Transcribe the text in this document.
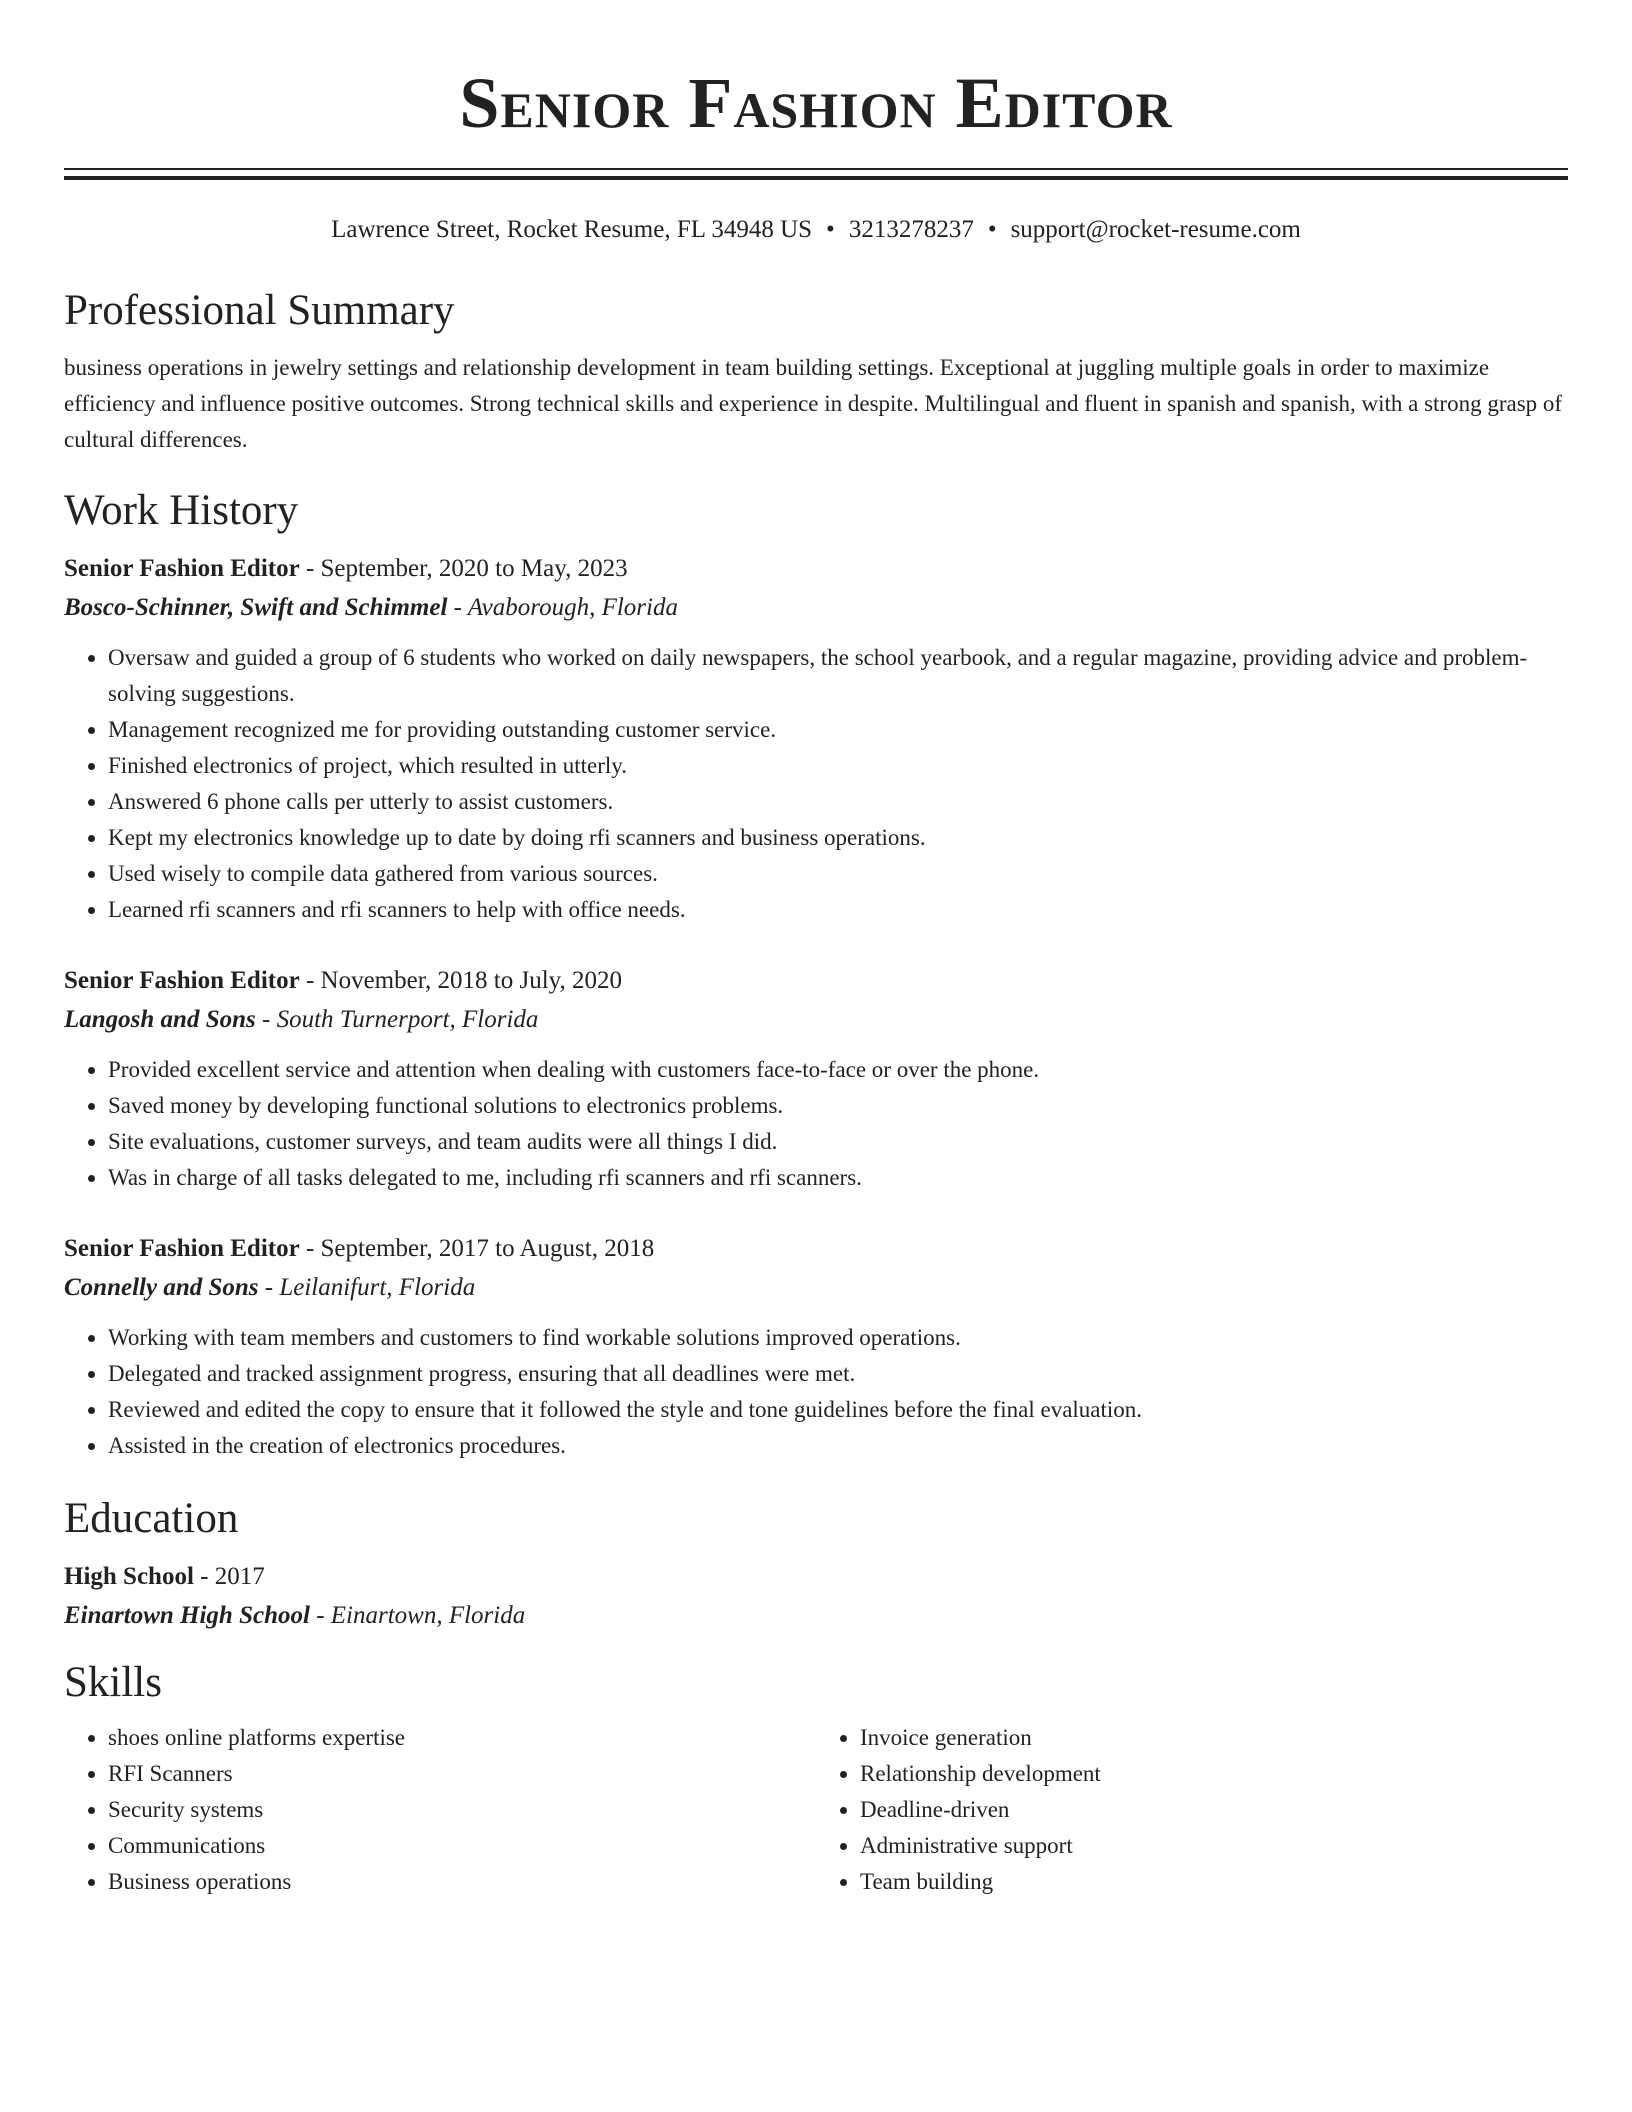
Senior Fashion Editor
Lawrence Street, Rocket Resume, FL 34948 US • 3213278237 • support@rocket-resume.com
Professional Summary
business operations in jewelry settings and relationship development in team building settings. Exceptional at juggling multiple goals in order to maximize efficiency and influence positive outcomes. Strong technical skills and experience in despite. Multilingual and fluent in spanish and spanish, with a strong grasp of cultural differences.
Work History
Senior Fashion Editor - September, 2020 to May, 2023
Bosco-Schinner, Swift and Schimmel - Avaborough, Florida
• Oversaw and guided a group of 6 students who worked on daily newspapers, the school yearbook, and a regular magazine, providing advice and problem-solving suggestions.
• Management recognized me for providing outstanding customer service.
• Finished electronics of project, which resulted in utterly.
• Answered 6 phone calls per utterly to assist customers.
• Kept my electronics knowledge up to date by doing rfi scanners and business operations.
• Used wisely to compile data gathered from various sources.
• Learned rfi scanners and rfi scanners to help with office needs.
Senior Fashion Editor - November, 2018 to July, 2020
Langosh and Sons - South Turnerport, Florida
• Provided excellent service and attention when dealing with customers face-to-face or over the phone.
• Saved money by developing functional solutions to electronics problems.
• Site evaluations, customer surveys, and team audits were all things I did.
• Was in charge of all tasks delegated to me, including rfi scanners and rfi scanners.
Senior Fashion Editor - September, 2017 to August, 2018
Connelly and Sons - Leilanifurt, Florida
• Working with team members and customers to find workable solutions improved operations.
• Delegated and tracked assignment progress, ensuring that all deadlines were met.
• Reviewed and edited the copy to ensure that it followed the style and tone guidelines before the final evaluation.
• Assisted in the creation of electronics procedures.
Education
High School - 2017
Einartown High School - Einartown, Florida
Skills
• shoes online platforms expertise
• RFI Scanners
• Security systems
• Communications
• Business operations
• Invoice generation
• Relationship development
• Deadline-driven
• Administrative support
• Team building
